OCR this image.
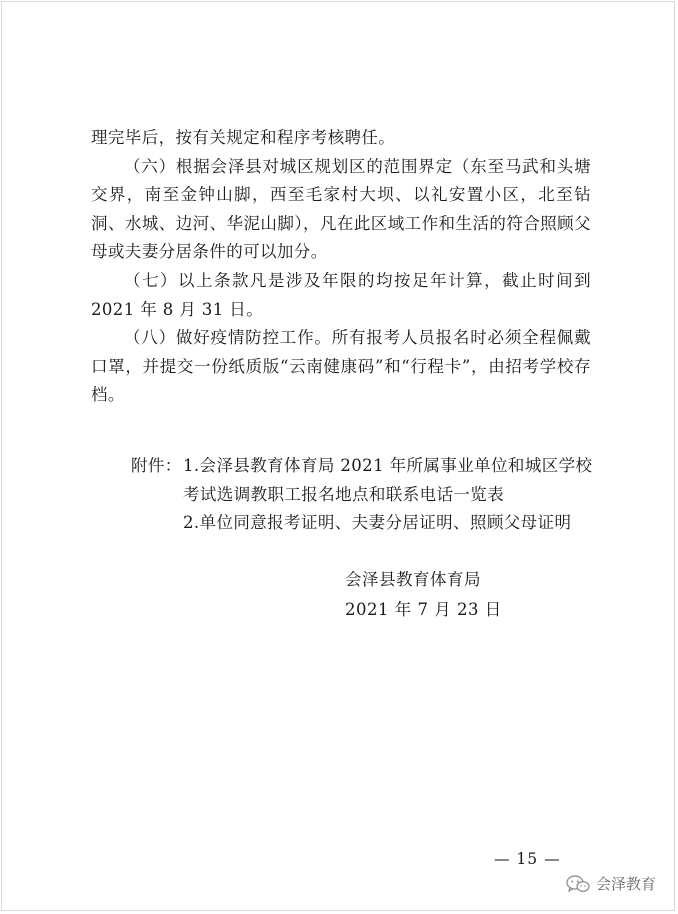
理完毕后，按有关规定和程序考核聘任。

（六）根据会泽县对城区规划区的范围界定（东至马武和头塘交界，南至金钟山脚，西至毛家村大坝、以礼安置小区，北至钻洞、水城、边河、华泥山脚），凡在此区域工作和生活的符合照顾父母或夫妻分居条件的可以加分。

（七）以上条款凡是涉及年限的均按足年计算，截止时间到2021 年 8 月 31 日。

（八）做好疫情防控工作。所有报考人员报名时必须全程佩戴口罩，并提交一份纸质版“云南健康码”和“行程卡”，由招考学校存档。

附件： 1.会泽县教育体育局 2021 年所属事业单位和城区学校考试选调教职工报名地点和联系电话一览表
2.单位同意报考证明、夫妻分居证明、照顾父母证明
会泽县教育体育局
2021 年 7 月 23 日
— 15 —
会泽教育
